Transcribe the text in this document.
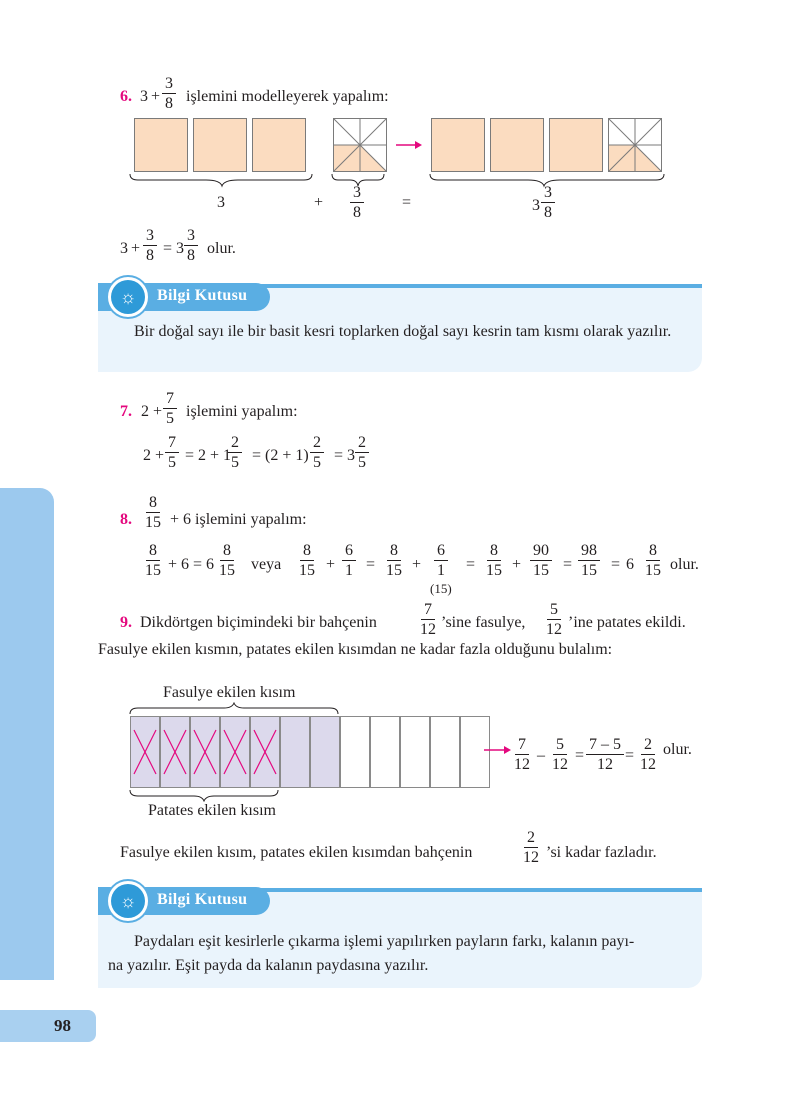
98
6. $3 + \frac{3}{8}$ işlemini modelleyerek yapalım:
3	+ $\frac{3}{8}$ =	$3 \frac{3}{8}$
$3 + \frac{3}{8} = 3 \frac{3}{8}$ olur.
☼	Bilgi Kutusu
Bir doğal sayı ile bir basit kesri toplarken doğal sayı kesrin tam kısmı olarak yazılır.
7. $2 + \frac{7}{5}$ işlemini yapalım:
$2 + \frac{7}{5} = 2 + 1$
$\frac{2}{5} = (2 + 1) \frac{2}{5} = 3 \frac{2}{5}$
8. $\frac{8}{15} + 6$ işlemini yapalım:
$\frac{8}{15} + 6 = 6 \frac{8}{15}$ veya $\frac{8}{15} + \frac{6}{1} = \frac{8}{15} + \frac{6}{1}$
(15)
= $\frac{8}{15} + \frac{90}{15} = \frac{98}{15} = 6 \frac{8}{15}$ olur.
9. Dikdörtgen biçimindeki bir bahçenin	$\frac{7}{12}$ ’sine fasulye, $\frac{5}{12}$ ’ine patates ekildi.
Fasulye ekilen kısmın, patates ekilen kısımdan ne kadar fazla olduğunu bulalım:
Fasulye ekilen kısım
Patates ekilen kısım
$\frac{7}{12} - \frac{5}{12} = \frac{7 - 5}{12} = \frac{2}{12}$ olur.
Fasulye ekilen kısım, patates ekilen kısımdan bahçenin	$\frac{2}{12}$ ’si kadar fazladır.
☼	Bilgi Kutusu
Paydaları eşit kesirlerle çıkarma işlemi yapılırken payların farkı, kalanın payı-
na yazılır. Eşit payda da kalanın paydasına yazılır.
